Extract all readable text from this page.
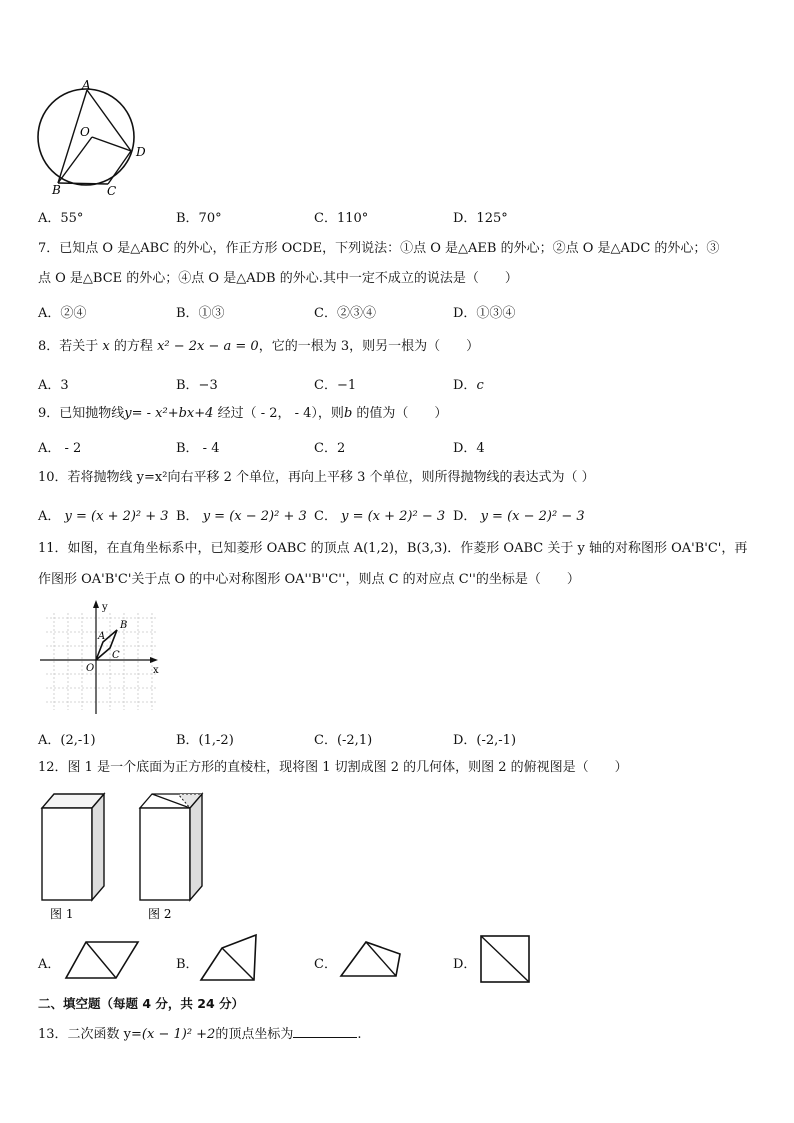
A
O
D
B	C
A．55°	B．70°	C．110°	D．125°
7．已知点 O 是△ABC 的外心，作正方形 OCDE，下列说法：①点 O 是△AEB 的外心；②点 O 是△ADC 的外心；③
点 O 是△BCE 的外心；④点 O 是△ADB 的外心.其中一定不成立的说法是（　　）
A．②④	B．①③	C．②③④	D．①③④
8．若关于 x 的方程 x² − 2x − a = 0，它的一根为 3，则另一根为（　　）
A．3	B．−3	C．−1	D．c
9．已知抛物线y= - x²+bx+4 经过（ - 2， - 4），则b 的值为（　　）
A． - 2	B． - 4	C．2	D．4
10．若将抛物线 y=x²向右平移 2 个单位，再向上平移 3 个单位，则所得抛物线的表达式为（ ）
A． y = (x + 2)² + 3 B． y = (x − 2)² + 3 C． y = (x + 2)² − 3 D． y = (x − 2)² − 3
11．如图，在直角坐标系中，已知菱形 OABC 的顶点 A(1,2)，B(3,3)．作菱形 OABC 关于 y 轴的对称图形 OA'B'C'，再
作图形 OA'B'C'关于点 O 的中心对称图形 OA''B''C''，则点 C 的对应点 C''的坐标是（　　）
y
x
A
B
C
O
A．(2,-1)	B．(1,-2)	C．(-2,1)	D．(-2,-1)
12．图 1 是一个底面为正方形的直棱柱，现将图 1 切割成图 2 的几何体，则图 2 的俯视图是（　　）
图 1	图 2
A．	B．	C．	D．
二、填空题（每题 4 分，共 24 分）
13．二次函数 y=(x − 1)² +2的顶点坐标为	.
